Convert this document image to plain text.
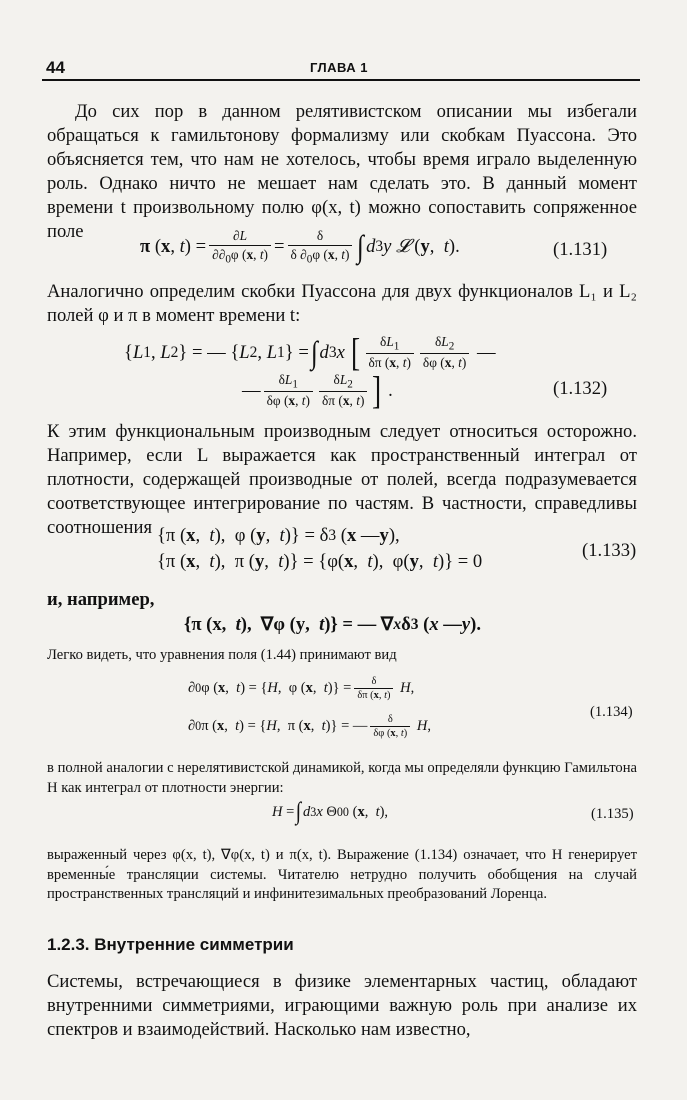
44	ГЛАВА 1

До сих пор в данном релятивистском описании мы избегали обращаться к гамильтонову формализму или скобкам Пуассона. Это объясняется тем, что нам не хотелось, чтобы время играло выделенную роль. Однако ничто не мешает нам сделать это. В данный момент времени t произвольному полю φ(x, t) можно сопоставить сопряженное поле

π ( x , t ) = $\frac{\partial L}{\partial\partial_0\varphi (x, t)} = \frac{\delta}{\delta \partial_0\varphi (x, t)}$ ∫ d 3 y
𝓛 ( y , t ).	(1.131)

Аналогично определим скобки Пуассона для двух функционалов L₁ и L₂ полей φ и π в момент времени t:

{ L 1 , L 2 } = — { L 2 , L 1 } = ∫ d 3 x
[ $\frac{\delta L_1}{\delta\pi (x, t)} \frac{\delta L_2}{\delta\varphi (x, t)}$ —
— $\frac{\delta L_1}{\delta\varphi (x, t)} \frac{\delta L_2}{\delta\pi (x, t)}$ ] .	(1.132)

К этим функциональным производным следует относиться осторожно. Например, если L выражается как пространственный интеграл от плотности, содержащей производные от полей, всегда подразумевается соответствующее интегрирование по частям. В частности, справедливы соотношения {π ( x , t ),  φ ( y , t )} = δ 3 ( x — y ),
{π ( x , t ),  π ( y , t )} = {φ( x , t ),  φ( y , t )} = 0
(1.133)

и, например,

{π ( x , t ),  ∇φ ( y , t )} = — ∇ x δ 3 ( x — y ).

Легко видеть, что уравнения поля (1.44) принимают вид

∂ 0 φ ( x , t ) = { H ,  φ ( x , t )} = $\frac{\delta}{\delta\pi (x, t)}$
H ,
∂ 0 π ( x , t ) = { H ,  π ( x , t )} = — $\frac{\delta}{\delta\varphi (x, t)}$
H ,
(1.134)

в полной аналогии с нерелятивистской динамикой, когда мы определяли функцию Гамильтона H как интеграл от плотности энергии:

H = ∫ d 3 x Θ 00 ( x , t ),	(1.135)

выраженный через φ(x, t), ∇φ(x, t) и π(x, t). Выражение (1.134) означает, что H генерирует временны́е трансляции системы. Читателю нетрудно получить обобщения на случай пространственных трансляций и инфинитезимальных преобразований Лоренца.

1.2.3. Внутренние симметрии

Системы, встречающиеся в физике элементарных частиц, обладают внутренними симметриями, играющими важную роль при анализе их спектров и взаимодействий. Насколько нам известно,
